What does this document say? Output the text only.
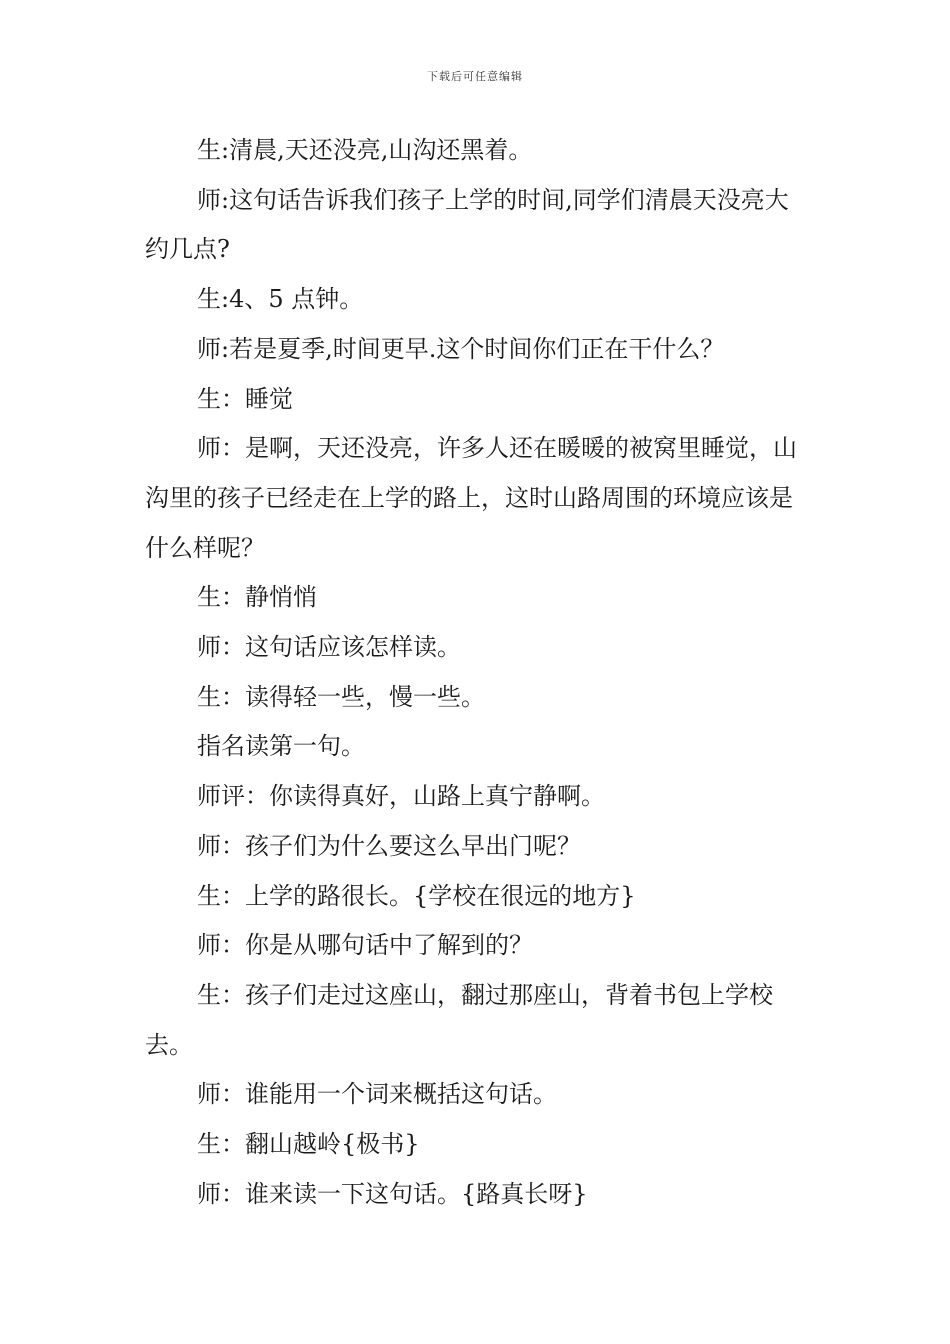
下载后可任意编辑

生:清晨,天还没亮,山沟还黑着。

师:这句话告诉我们孩子上学的时间,同学们清晨天没亮大约几点?

生:4、5 点钟。

师:若是夏季,时间更早.这个时间你们正在干什么？

生：睡觉

师：是啊，天还没亮，许多人还在暖暖的被窝里睡觉，山沟里的孩子已经走在上学的路上，这时山路周围的环境应该是什么样呢？

生：静悄悄

师：这句话应该怎样读。

生：读得轻一些，慢一些。

指名读第一句。

师评：你读得真好，山路上真宁静啊。

师：孩子们为什么要这么早出门呢？

生：上学的路很长。{学校在很远的地方}

师：你是从哪句话中了解到的？

生：孩子们走过这座山，翻过那座山，背着书包上学校去。

师：谁能用一个词来概括这句话。

生：翻山越岭{极书}

师：谁来读一下这句话。{路真长呀}
